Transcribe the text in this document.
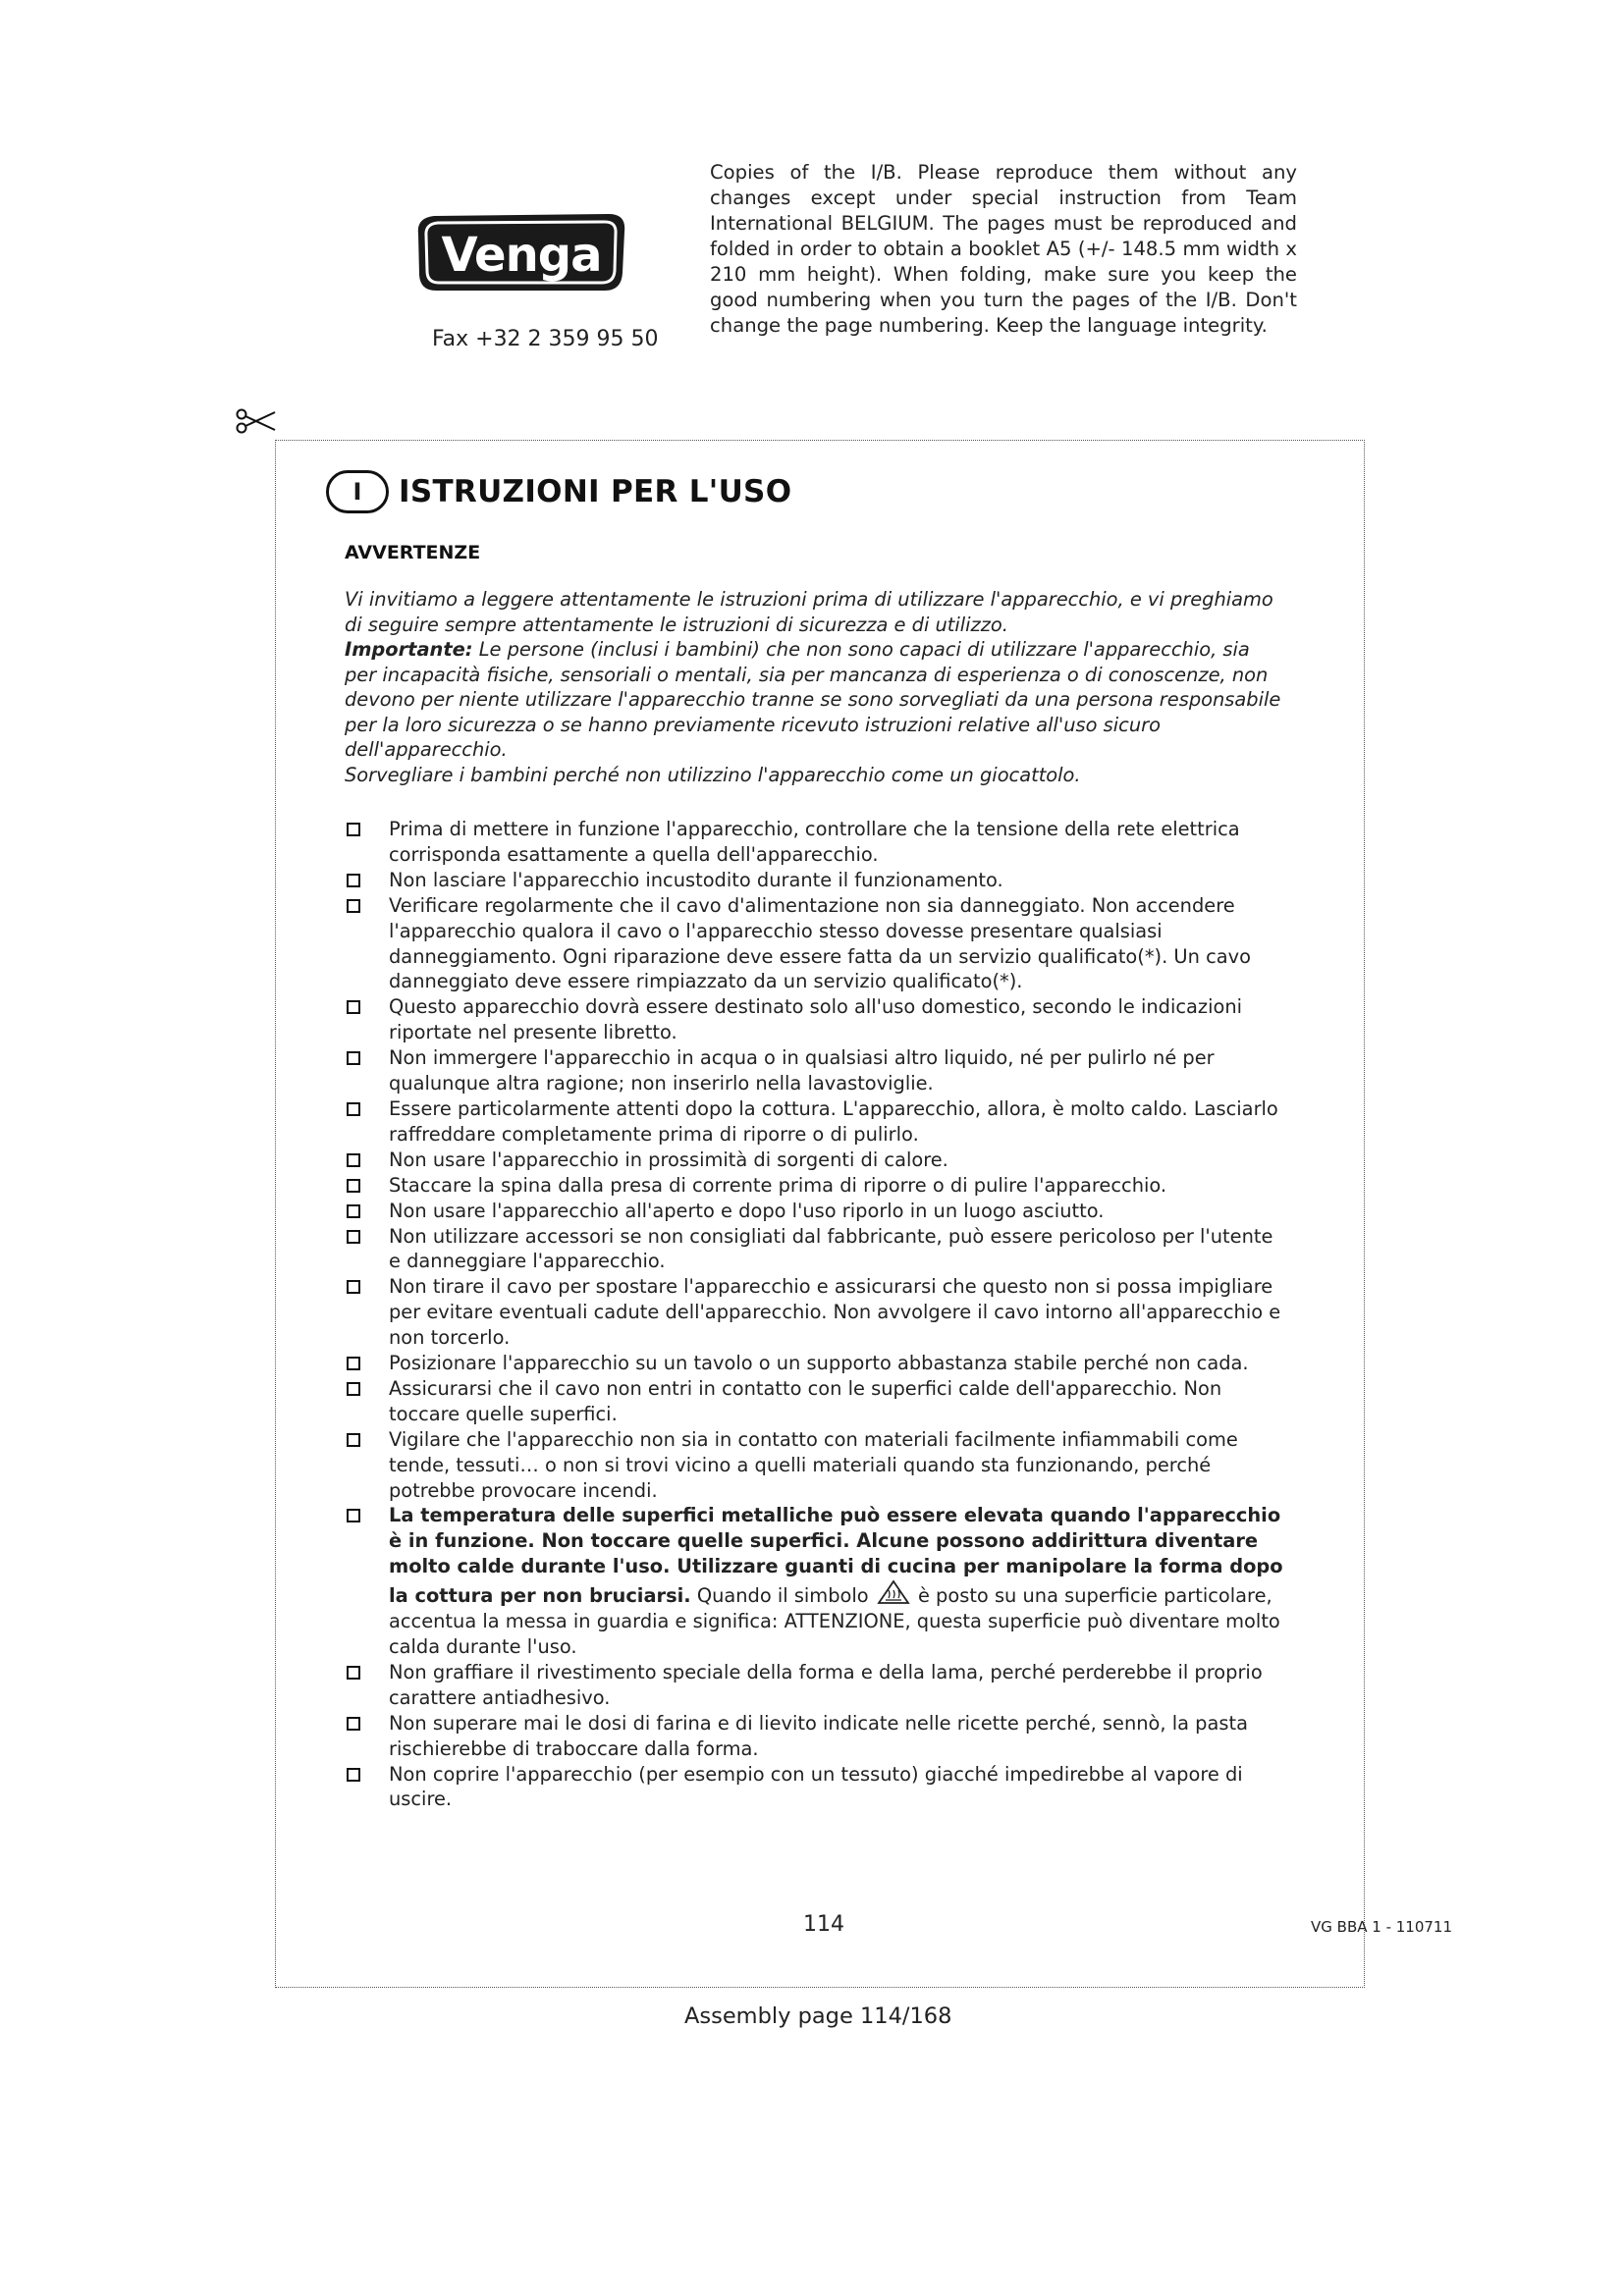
Venga
Fax +32 2 359 95 50
Copies of the I/B. Please reproduce them without any changes except under special instruction from Team International BELGIUM. The pages must be reproduced and folded in order to obtain a booklet A5 (+/- 148.5 mm width x 210 mm height). When folding, make sure you keep the good numbering when you turn the pages of the I/B. Don't change the page numbering. Keep the language integrity.
I	ISTRUZIONI PER L'USO
AVVERTENZE

Vi invitiamo a leggere attentamente le istruzioni prima di utilizzare l'apparecchio, e vi preghiamo di seguire sempre attentamente le istruzioni di sicurezza e di utilizzo.

Importante: Le persone (inclusi i bambini) che non sono capaci di utilizzare l'apparecchio, sia per incapacità fisiche, sensoriali o mentali, sia per mancanza di esperienza o di conoscenze, non devono per niente utilizzare l'apparecchio tranne se sono sorvegliati da una persona responsabile per la loro sicurezza o se hanno previamente ricevuto istruzioni relative all'uso sicuro dell'apparecchio.

Sorvegliare i bambini perché non utilizzino l'apparecchio come un giocattolo.

Prima di mettere in funzione l'apparecchio, controllare che la tensione della rete elettrica corrisponda esattamente a quella dell'apparecchio.
Non lasciare l'apparecchio incustodito durante il funzionamento.
Verificare regolarmente che il cavo d'alimentazione non sia danneggiato. Non accendere l'apparecchio qualora il cavo o l'apparecchio stesso dovesse presentare qualsiasi danneggiamento. Ogni riparazione deve essere fatta da un servizio qualificato(*). Un cavo danneggiato deve essere rimpiazzato da un servizio qualificato(*).
Questo apparecchio dovrà essere destinato solo all'uso domestico, secondo le indicazioni riportate nel presente libretto.
Non immergere l'apparecchio in acqua o in qualsiasi altro liquido, né per pulirlo né per qualunque altra ragione; non inserirlo nella lavastoviglie.
Essere particolarmente attenti dopo la cottura. L'apparecchio, allora, è molto caldo. Lasciarlo raffreddare completamente prima di riporre o di pulirlo.
Non usare l'apparecchio in prossimità di sorgenti di calore.
Staccare la spina dalla presa di corrente prima di riporre o di pulire l'apparecchio.
Non usare l'apparecchio all'aperto e dopo l'uso riporlo in un luogo asciutto.
Non utilizzare accessori se non consigliati dal fabbricante, può essere pericoloso per l'utente e danneggiare l'apparecchio.
Non tirare il cavo per spostare l'apparecchio e assicurarsi che questo non si possa impigliare per evitare eventuali cadute dell'apparecchio. Non avvolgere il cavo intorno all'apparecchio e non torcerlo.
Posizionare l'apparecchio su un tavolo o un supporto abbastanza stabile perché non cada.
Assicurarsi che il cavo non entri in contatto con le superfici calde dell'apparecchio. Non toccare quelle superfici.
Vigilare che l'apparecchio non sia in contatto con materiali facilmente infiammabili come tende, tessuti… o non si trovi vicino a quelli materiali quando sta funzionando, perché potrebbe provocare incendi.
La temperatura delle superfici metalliche può essere elevata quando l'apparecchio è in funzione. Non toccare quelle superfici. Alcune possono addirittura diventare molto calde durante l'uso. Utilizzare guanti di cucina per manipolare la forma dopo la cottura per non bruciarsi. Quando il simbolo  è posto su una superficie particolare, accentua la messa in guardia e significa: ATTENZIONE, questa superficie può diventare molto calda durante l'uso.
Non graffiare il rivestimento speciale della forma e della lama, perché perderebbe il proprio carattere antiadhesivo.
Non superare mai le dosi di farina e di lievito indicate nelle ricette perché, sennò, la pasta rischierebbe di traboccare dalla forma.
Non coprire l'apparecchio (per esempio con un tessuto) giacché impedirebbe al vapore di uscire.
114	VG BBA 1 - 110711
Assembly page 114/168
